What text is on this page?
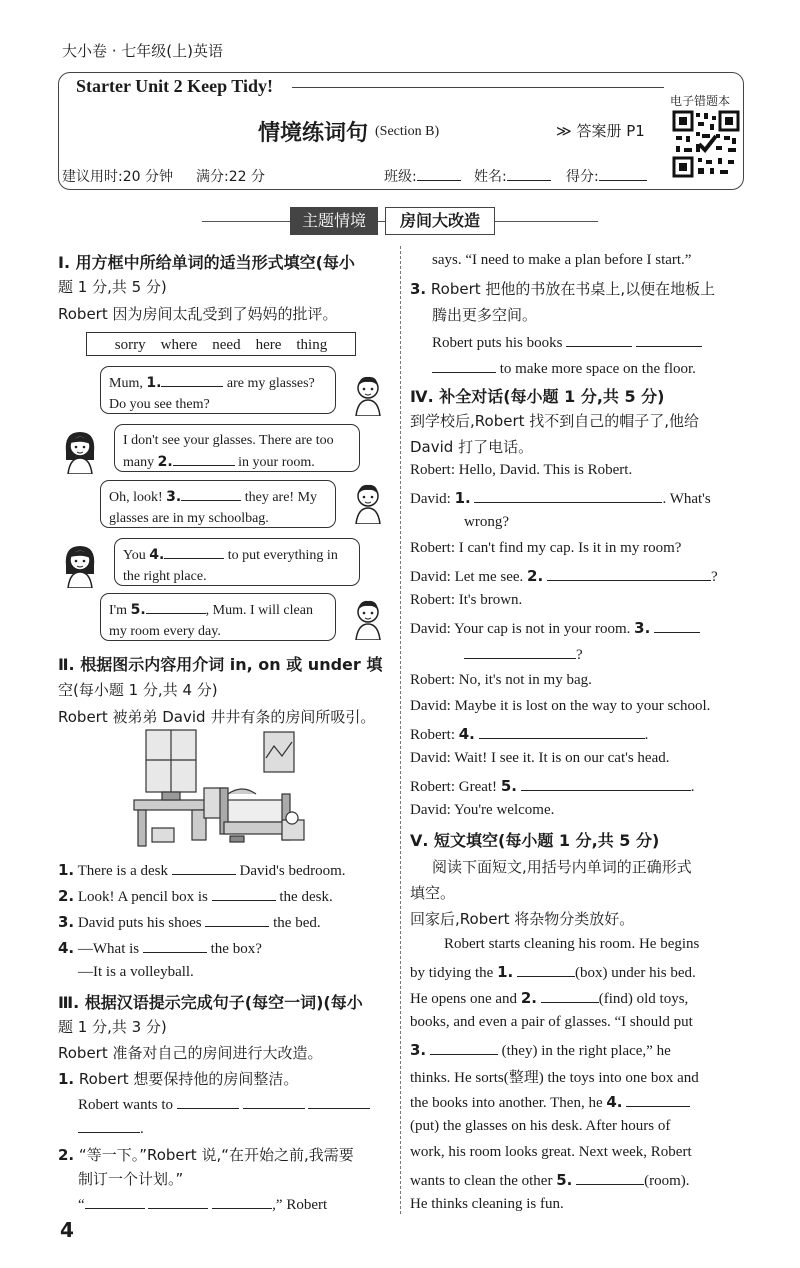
大小卷 · 七年级(上)英语
Starter Unit 2 Keep Tidy!
情境练词句 (Section B)	≫ 答案册 P1
电子错题本
建议用时:20 分钟 满分:22 分	班级:	姓名:	得分:
主题情境	房间大改造
Ⅰ. 用方框中所给单词的适当形式填空(每小
题 1 分,共 5 分)
Robert 因为房间太乱受到了妈妈的批评。
sorry    where    need    here    thing
Mum, 1.	are my glasses?
Do you see them?
I don't see your glasses. There are too
many 2.	in your room.
Oh, look! 3.	they are! My
glasses are in my schoolbag.
You 4.	to put everything in
the right place.
I'm 5.	, Mum. I will clean
my room every day.
Ⅱ. 根据图示内容用介词 in, on 或 under 填
空(每小题 1 分,共 4 分)
Robert 被弟弟 David 井井有条的房间所吸引。
1. There is a desk	David's bedroom.
2. Look! A pencil box is	the desk.
3. David puts his shoes	the bed.
4. —What is	the box?
—It is a volleyball.
Ⅲ. 根据汉语提示完成句子(每空一词)(每小
题 1 分,共 3 分)
Robert 准备对自己的房间进行大改造。
1. Robert 想要保持他的房间整洁。
Robert wants to
.
2. “等一下。”Robert 说,“在开始之前,我需要
制订一个计划。”
“	,” Robert
says. “I need to make a plan before I start.”
3. Robert 把他的书放在书桌上,以便在地板上
腾出更多空间。
Robert puts his books
to make more space on the floor.
Ⅳ. 补全对话(每小题 1 分,共 5 分)
到学校后,Robert 找不到自己的帽子了,他给
David 打了电话。
Robert: Hello, David. This is Robert.
David: 1.	. What's
wrong?
Robert: I can't find my cap. Is it in my room?
David: Let me see. 2.	?
Robert: It's brown.
David: Your cap is not in your room. 3.
?
Robert: No, it's not in my bag.
David: Maybe it is lost on the way to your school.
Robert: 4.	.
David: Wait! I see it. It is on our cat's head.
Robert: Great! 5.	.
David: You're welcome.
Ⅴ. 短文填空(每小题 1 分,共 5 分)
阅读下面短文,用括号内单词的正确形式
填空。
回家后,Robert 将杂物分类放好。
Robert starts cleaning his room. He begins
by tidying the 1.	(box) under his bed.
He opens one and 2.	(find) old toys,
books, and even a pair of glasses. “I should put
3.	(they) in the right place,” he
thinks. He sorts(整理) the toys into one box and
the books into another. Then, he 4.
(put) the glasses on his desk. After hours of
work, his room looks great. Next week, Robert
wants to clean the other 5.	(room).
He thinks cleaning is fun.
4
